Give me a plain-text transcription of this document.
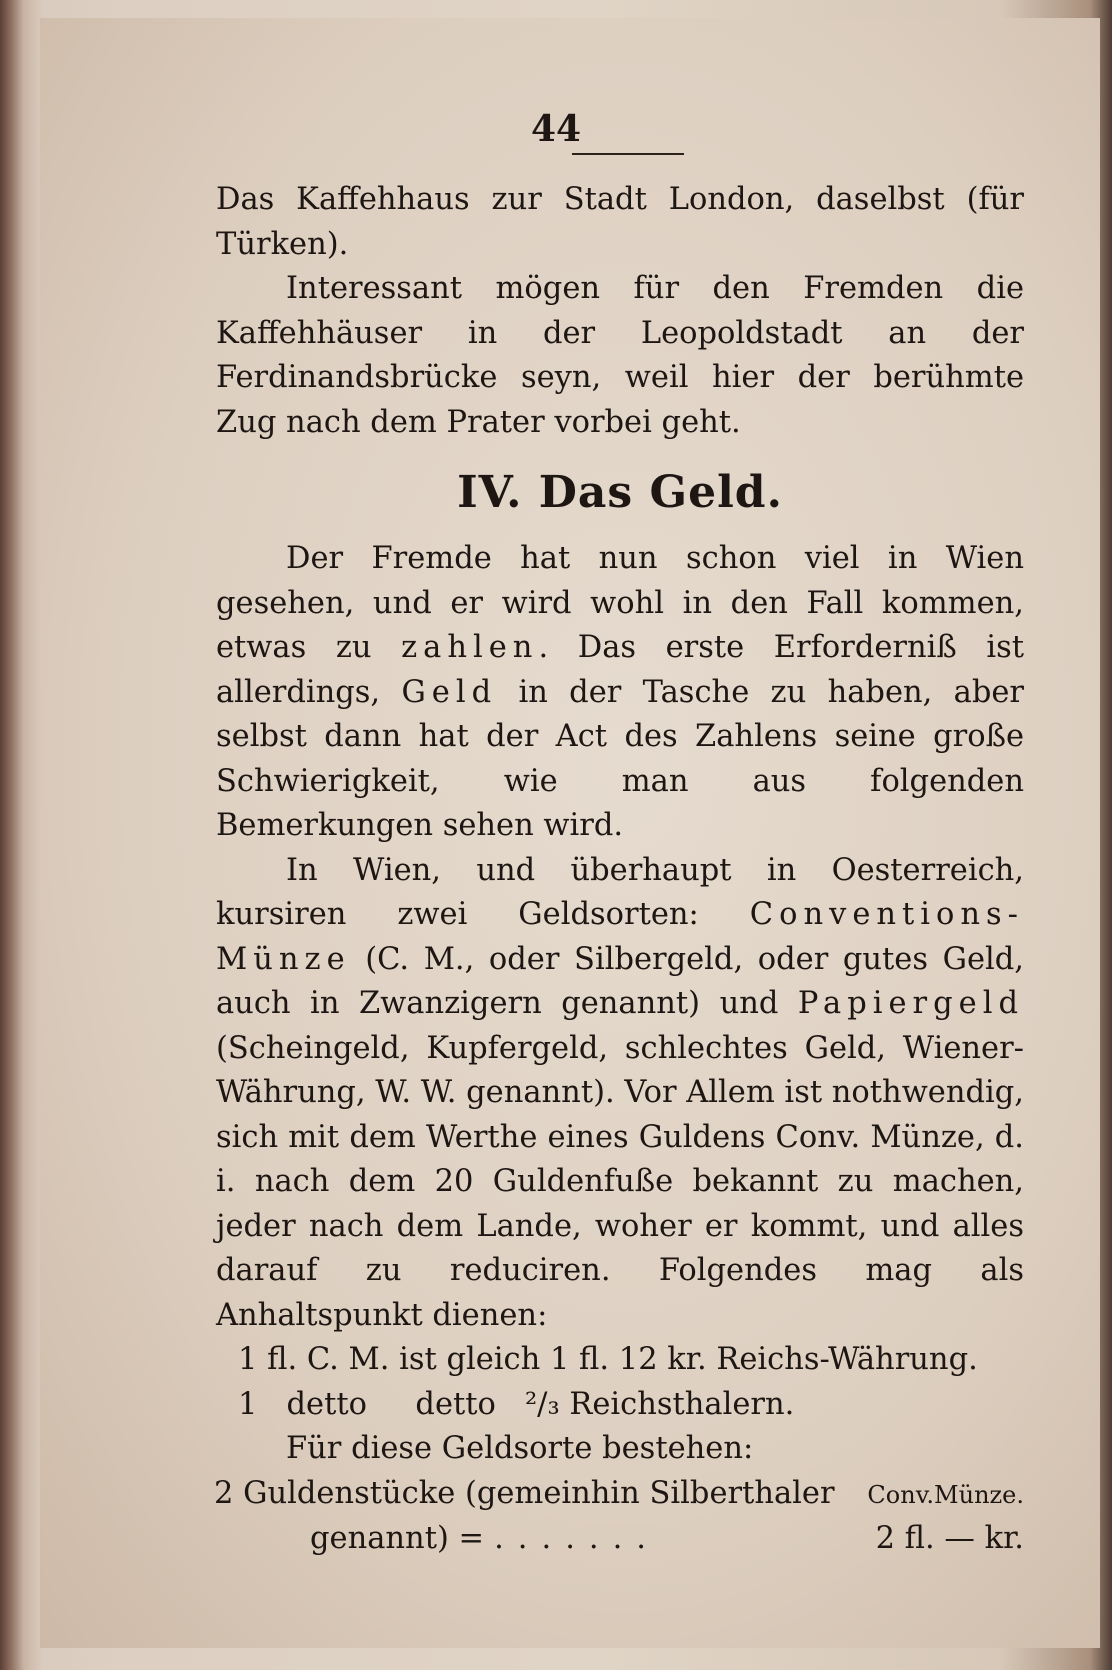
44

Das Kaffehhaus zur Stadt London, daselbst (für Türken).

Interessant mögen für den Fremden die Kaffehhäuser in der Leopoldstadt an der Ferdinandsbrücke seyn, weil hier der berühmte Zug nach dem Prater vorbei geht.

IV. Das Geld.

Der Fremde hat nun schon viel in Wien gesehen, und er wird wohl in den Fall kommen, etwas zu zahlen. Das erste Erforderniß ist allerdings, Geld in der Tasche zu haben, aber selbst dann hat der Act des Zahlens seine große Schwierigkeit, wie man aus folgenden Bemerkungen sehen wird.

In Wien, und überhaupt in Oesterreich, kursiren zwei Geldsorten: Conventions-Münze (C. M., oder Silbergeld, oder gutes Geld, auch in Zwanzigern genannt) und Papiergeld (Scheingeld, Kupfergeld, schlechtes Geld, Wiener-Währung, W. W. genannt). Vor Allem ist nothwendig, sich mit dem Werthe eines Guldens Conv. Münze, d. i. nach dem 20 Guldenfuße bekannt zu machen, jeder nach dem Lande, woher er kommt, und alles darauf zu reduciren. Folgendes mag als Anhaltspunkt dienen:

1 fl. C. M. ist gleich 1 fl. 12 kr. Reichs-Währung.

1   detto     detto   ²/₃ Reichsthalern.

Für diese Geldsorte bestehen:

2 Guldenstücke (gemeinhin Silberthaler	Conv.Münze.
genannt) = .......	2 fl. — kr.
